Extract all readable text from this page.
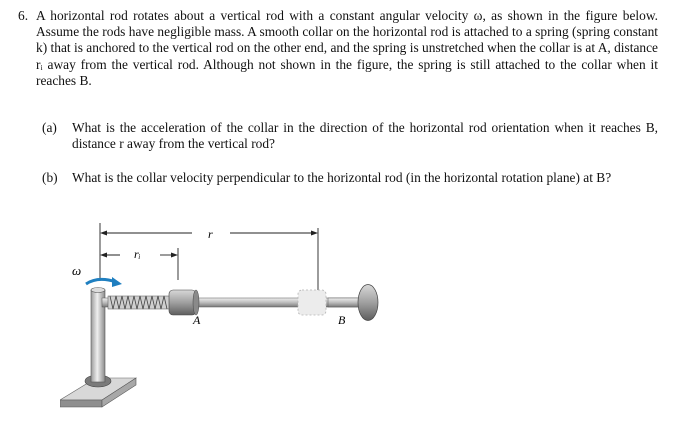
6. A horizontal rod rotates about a vertical rod with a constant angular velocity ω, as shown in the figure below. Assume the rods have negligible mass. A smooth collar on the horizontal rod is attached to a spring (spring constant k) that is anchored to the vertical rod on the other end, and the spring is unstretched when the collar is at A, distance rᵢ away from the vertical rod. Although not shown in the figure, the spring is still attached to the collar when it reaches B.
(a) What is the acceleration of the collar in the direction of the horizontal rod orientation when it reaches B, distance r away from the vertical rod?
(b) What is the collar velocity perpendicular to the horizontal rod (in the horizontal rotation plane) at B?
r
rᵢ
ω
A	B
